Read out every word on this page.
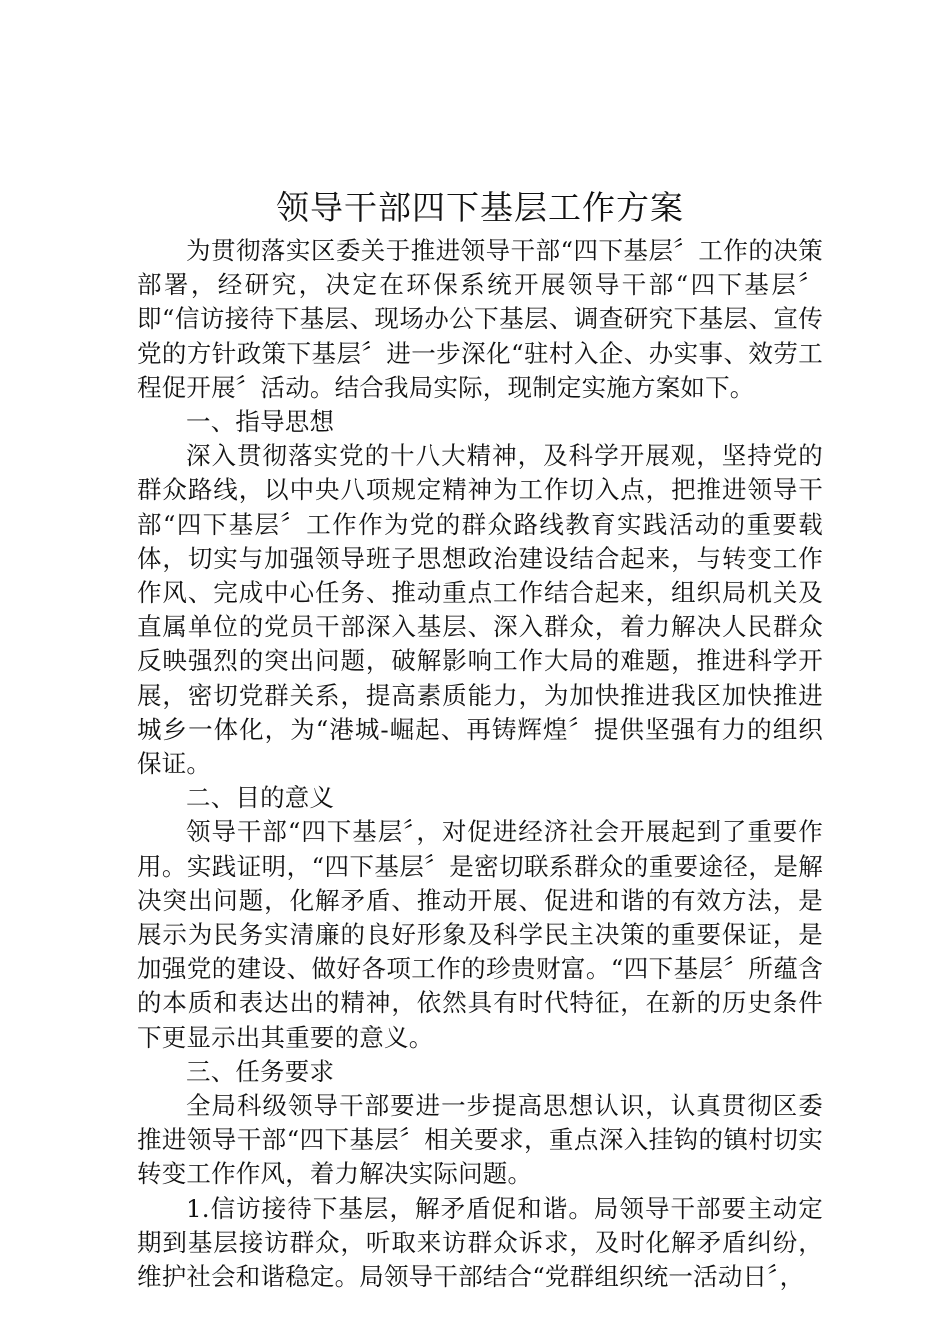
领导干部四下基层工作方案

为贯彻落实区委关于推进领导干部“四下基层〞工作的决策部署，经研究，决定在环保系统开展领导干部“四下基层〞即“信访接待下基层、现场办公下基层、调查研究下基层、宣传党的方针政策下基层〞进一步深化“驻村入企、办实事、效劳工程促开展〞活动。结合我局实际，现制定实施方案如下。

一、指导思想

深入贯彻落实党的十八大精神，及科学开展观，坚持党的群众路线，以中央八项规定精神为工作切入点，把推进领导干部“四下基层〞工作作为党的群众路线教育实践活动的重要载体，切实与加强领导班子思想政治建设结合起来，与转变工作作风、完成中心任务、推动重点工作结合起来，组织局机关及直属单位的党员干部深入基层、深入群众，着力解决人民群众反映强烈的突出问题，破解影响工作大局的难题，推进科学开展，密切党群关系，提高素质能力，为加快推进我区加快推进城乡一体化，为“港城-崛起、再铸辉煌〞提供坚强有力的组织保证。

二、目的意义

领导干部“四下基层〞，对促进经济社会开展起到了重要作用。实践证明，“四下基层〞是密切联系群众的重要途径，是解决突出问题，化解矛盾、推动开展、促进和谐的有效方法，是展示为民务实清廉的良好形象及科学民主决策的重要保证，是加强党的建设、做好各项工作的珍贵财富。“四下基层〞所蕴含的本质和表达出的精神，依然具有时代特征，在新的历史条件下更显示出其重要的意义。

三、任务要求

全局科级领导干部要进一步提高思想认识，认真贯彻区委推进领导干部“四下基层〞相关要求，重点深入挂钩的镇村切实转变工作作风，着力解决实际问题。

1.信访接待下基层，解矛盾促和谐。局领导干部要主动定期到基层接访群众，听取来访群众诉求，及时化解矛盾纠纷，维护社会和谐稳定。局领导干部结合“党群组织统一活动日〞，
